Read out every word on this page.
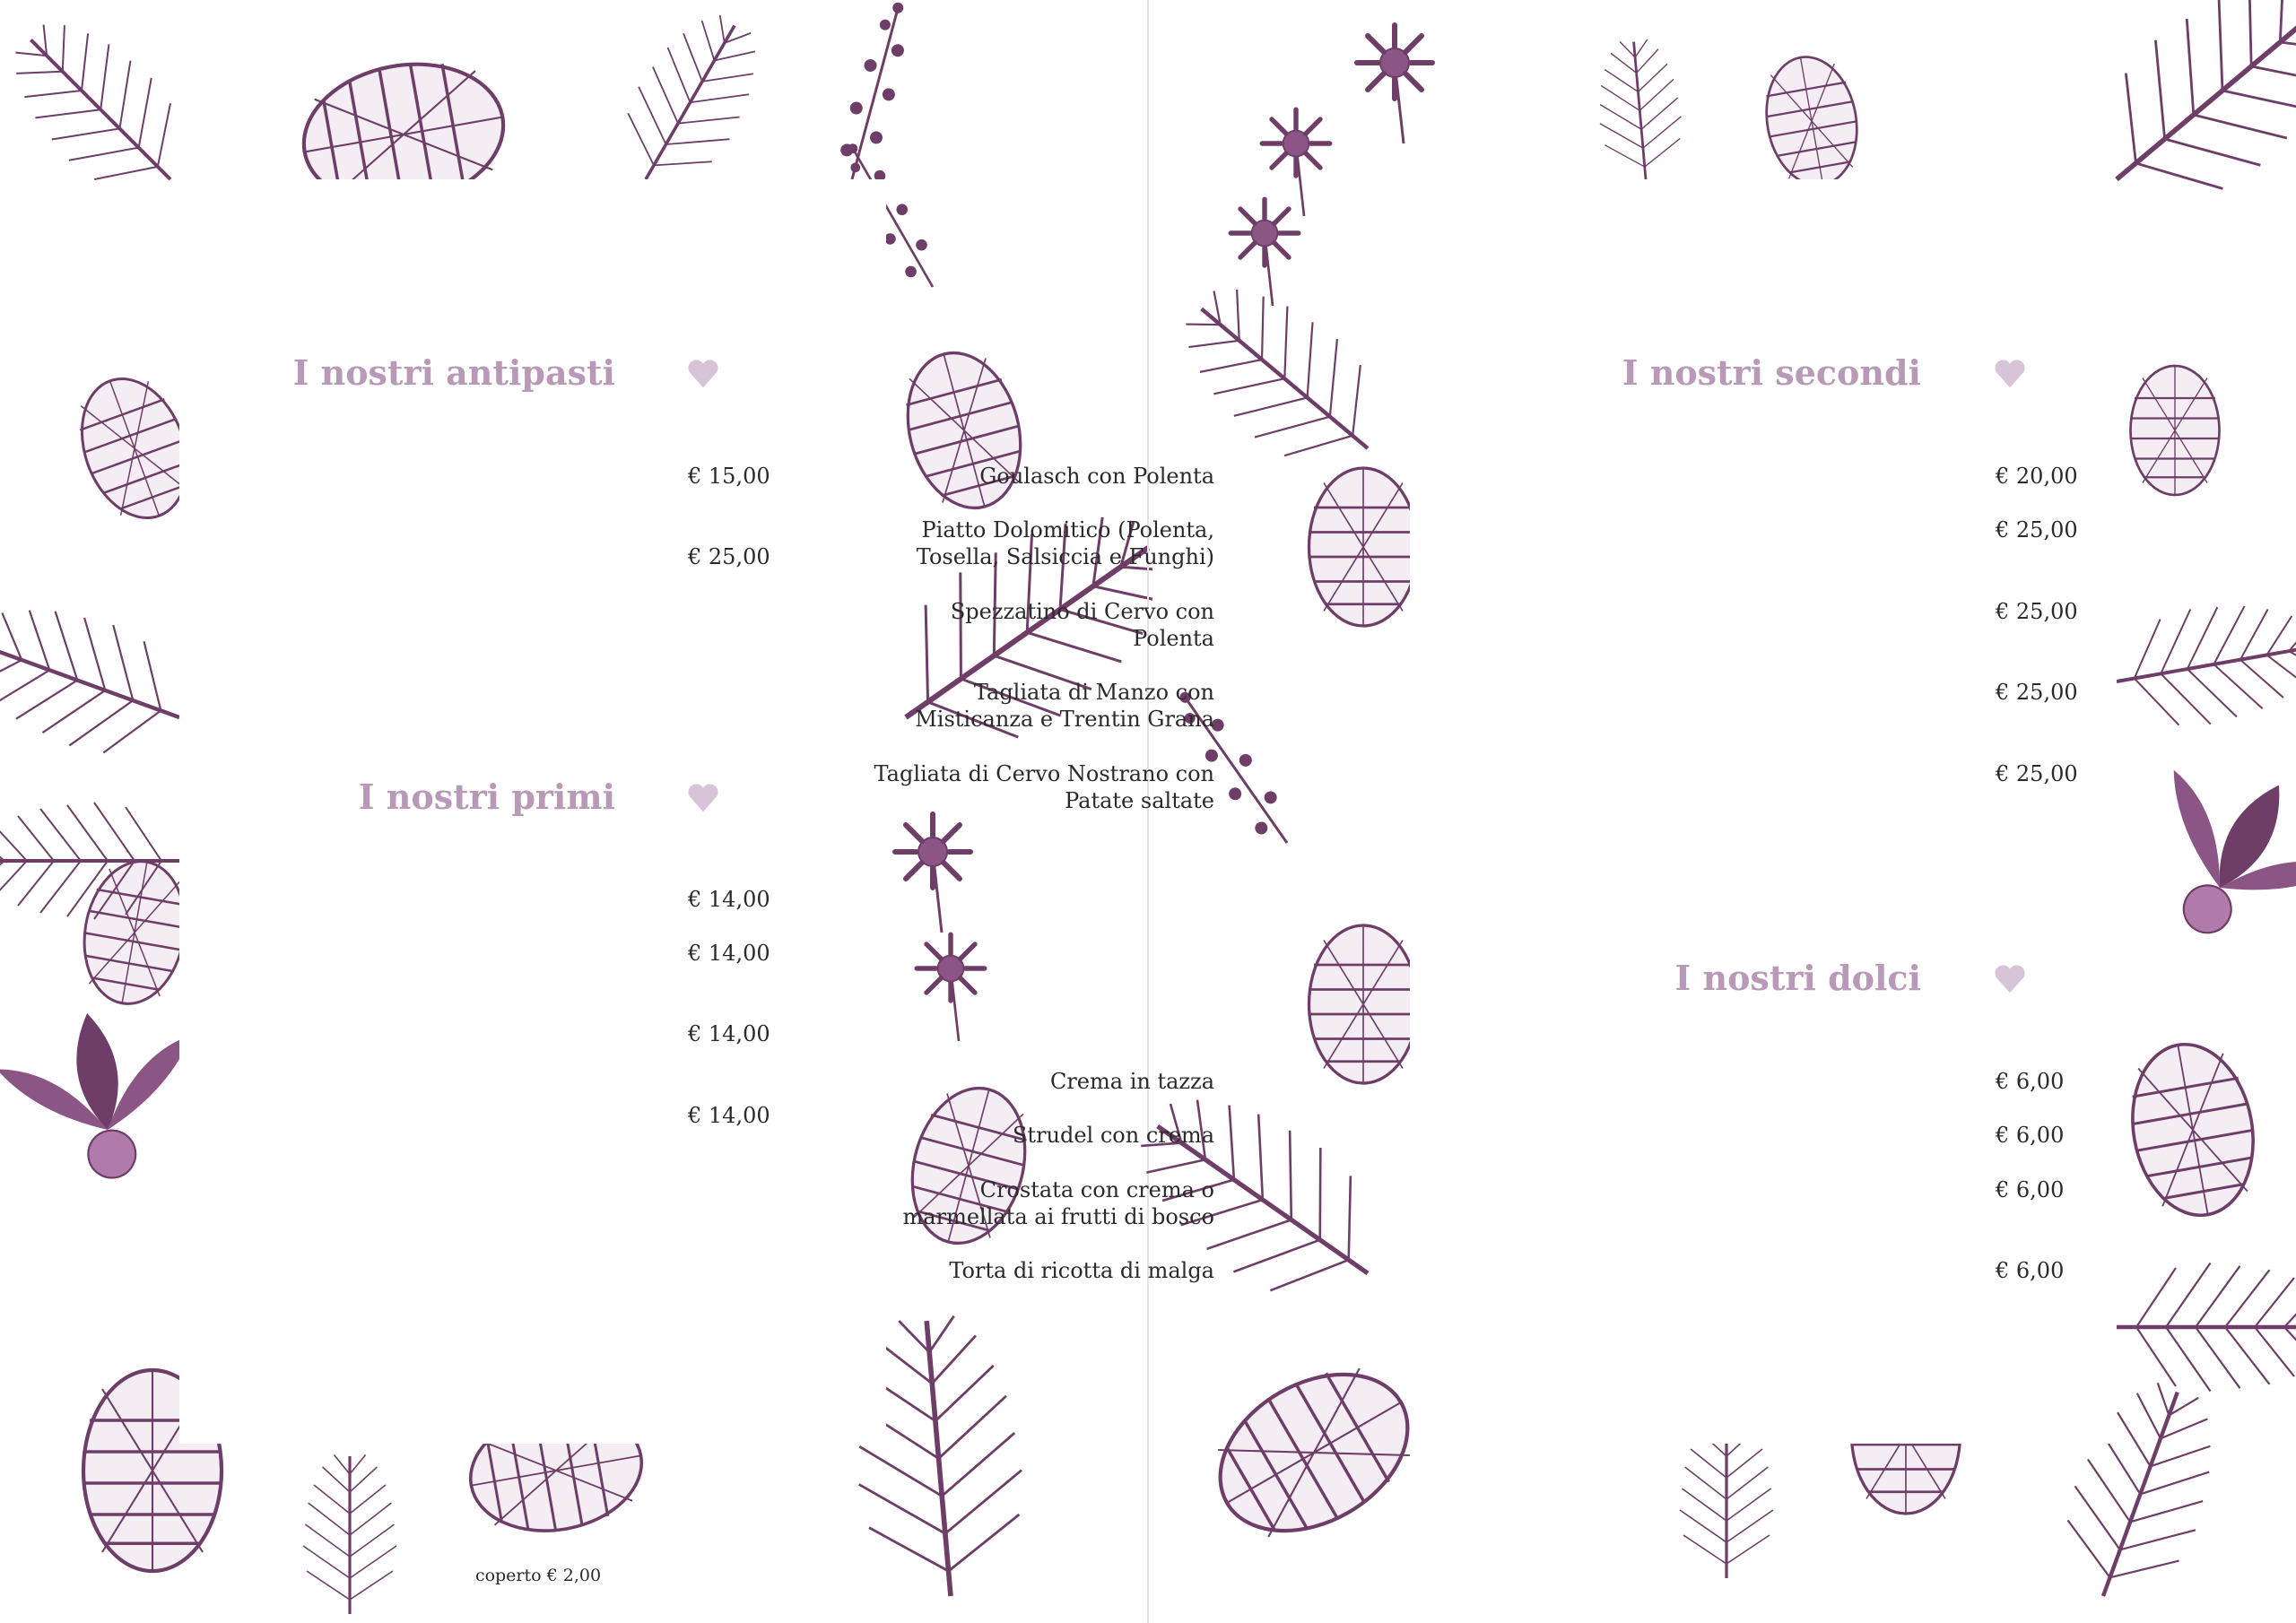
I nostri antipasti
€ 15,00
€ 25,00
I nostri primi
€ 14,00
€ 14,00
€ 14,00
€ 14,00
coperto € 2,00
I nostri secondi
Goulasch con Polenta	€ 20,00
Piatto Dolomitico (Polenta,
Tosella, Salsiccia e Funghi)
€ 25,00
Spezzatino di Cervo con
Polenta
€ 25,00
Tagliata di Manzo con
Misticanza e Trentin Grana
€ 25,00
Tagliata di Cervo Nostrano con
Patate saltate
€ 25,00
I nostri dolci
Crema in tazza	€ 6,00
Strudel con crema	€ 6,00
Crostata con crema o
marmellata ai frutti di bosco
€ 6,00
Torta di ricotta di malga	€ 6,00
